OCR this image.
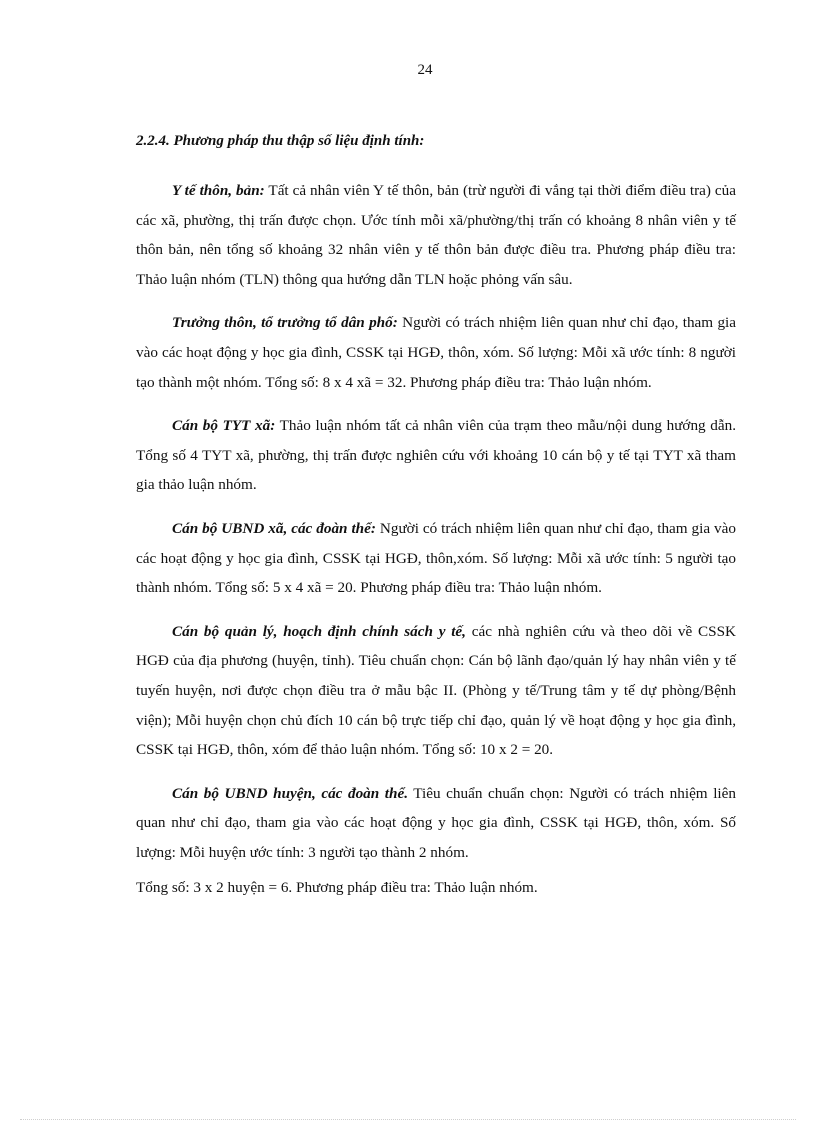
24
2.2.4. Phương pháp thu thập số liệu định tính:

Y tế thôn, bản: Tất cả nhân viên Y tế thôn, bản (trừ người đi vắng tại thời điểm điều tra) của các xã, phường, thị trấn được chọn. Ước tính mỗi xã/phường/thị trấn có khoảng 8 nhân viên y tế thôn bản, nên tổng số khoảng 32 nhân viên y tế thôn bản được điều tra. Phương pháp điều tra: Thảo luận nhóm (TLN) thông qua hướng dẫn TLN hoặc phỏng vấn sâu.

Trưởng thôn, tổ trưởng tổ dân phố: Người có trách nhiệm liên quan như chỉ đạo, tham gia vào các hoạt động y học gia đình, CSSK tại HGĐ, thôn, xóm. Số lượng: Mỗi xã ước tính: 8 người tạo thành một nhóm. Tổng số: 8 x 4 xã = 32. Phương pháp điều tra: Thảo luận nhóm.

Cán bộ TYT xã: Thảo luận nhóm tất cả nhân viên của trạm theo mẫu/nội dung hướng dẫn. Tổng số 4 TYT xã, phường, thị trấn được nghiên cứu với khoảng 10 cán bộ y tế tại TYT xã tham gia thảo luận nhóm.

Cán bộ UBND xã, các đoàn thể: Người có trách nhiệm liên quan như chỉ đạo, tham gia vào các hoạt động y học gia đình, CSSK tại HGĐ, thôn,xóm. Số lượng: Mỗi xã ước tính: 5 người tạo thành nhóm. Tổng số: 5 x 4 xã = 20. Phương pháp điều tra: Thảo luận nhóm.

Cán bộ quản lý, hoạch định chính sách y tế, các nhà nghiên cứu và theo dõi về CSSK HGĐ của địa phương (huyện, tỉnh). Tiêu chuẩn chọn: Cán bộ lãnh đạo/quản lý hay nhân viên y tế tuyến huyện, nơi được chọn điều tra ở mẫu bậc II. (Phòng y tế/Trung tâm y tế dự phòng/Bệnh viện); Mỗi huyện chọn chủ đích 10 cán bộ trực tiếp chỉ đạo, quản lý về hoạt động y học gia đình, CSSK tại HGĐ, thôn, xóm để thảo luận nhóm. Tổng số: 10 x 2 = 20.

Cán bộ UBND huyện, các đoàn thể. Tiêu chuẩn chuẩn chọn: Người có trách nhiệm liên quan như chỉ đạo, tham gia vào các hoạt động y học gia đình, CSSK tại HGĐ, thôn, xóm. Số lượng: Mỗi huyện ước tính: 3 người tạo thành 2 nhóm.

Tổng số: 3 x 2 huyện = 6. Phương pháp điều tra: Thảo luận nhóm.
